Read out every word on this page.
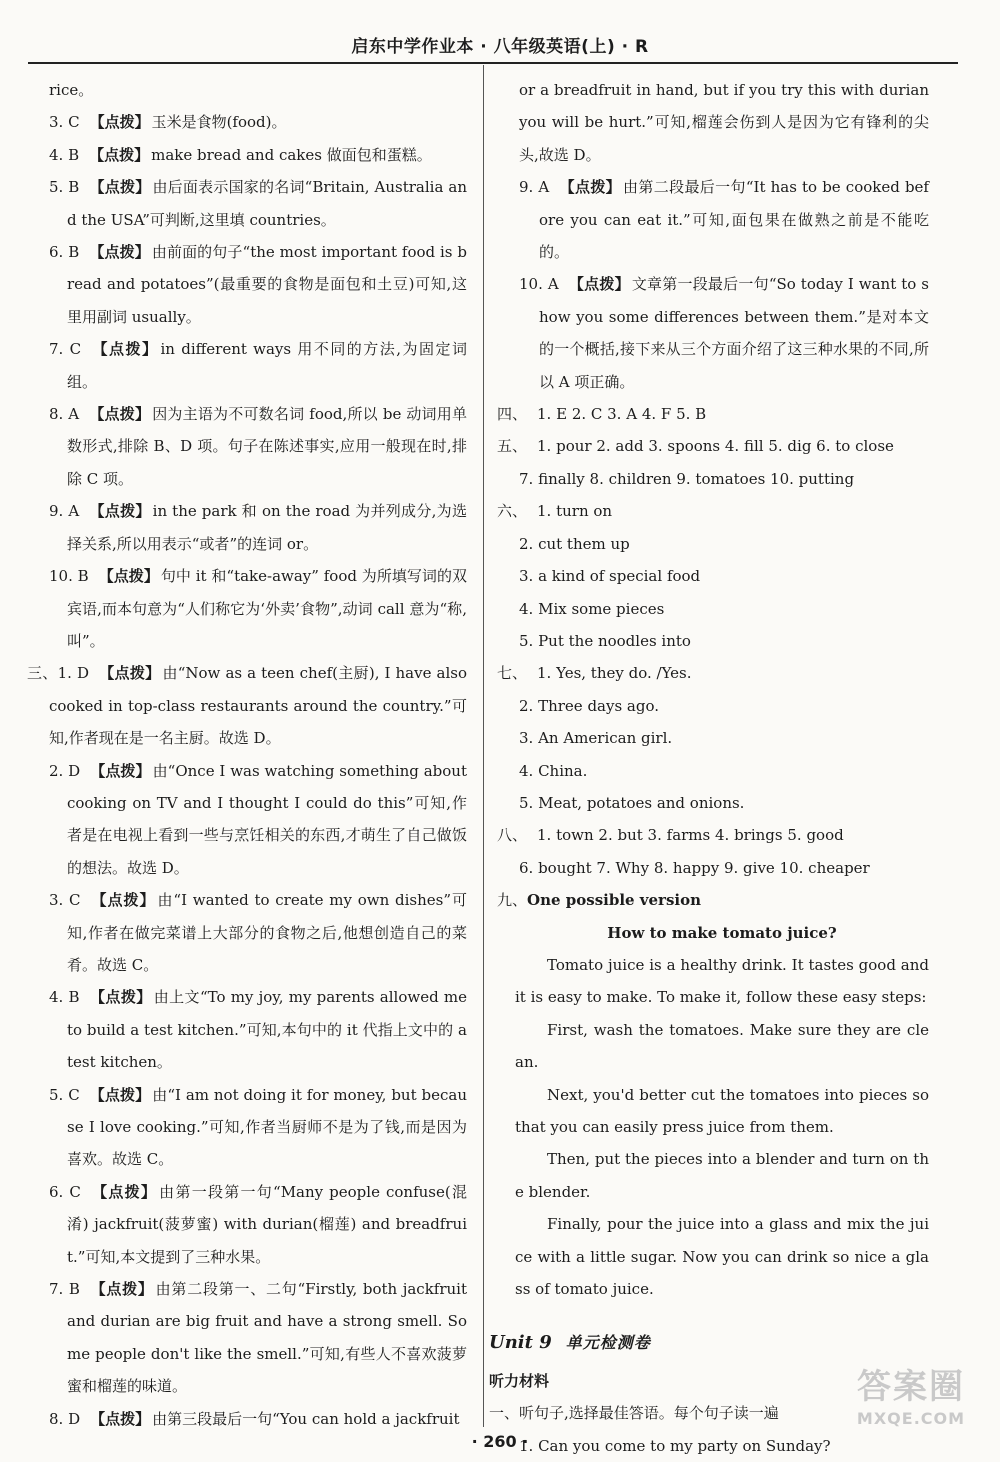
启东中学作业本 · 八年级英语(上) · R

rice。

3. C 【点拨】 玉米是食物(food)。

4. B 【点拨】 make bread and cakes 做面包和蛋糕。

5. B 【点拨】 由后面表示国家的名词“Britain, Australia and the USA”可判断,这里填 countries。

6. B 【点拨】 由前面的句子“the most important food is bread and potatoes”(最重要的食物是面包和土豆)可知,这里用副词 usually。

7. C 【点拨】 in different ways 用不同的方法,为固定词组。

8. A 【点拨】 因为主语为不可数名词 food,所以 be 动词用单数形式,排除 B、D 项。句子在陈述事实,应用一般现在时,排除 C 项。

9. A 【点拨】 in the park 和 on the road 为并列成分,为选择关系,所以用表示“或者”的连词 or。

10. B 【点拨】 句中 it 和“take-away” food 为所填写词的双宾语,而本句意为“人们称它为‘外卖’食物”,动词 call 意为“称,叫”。

三、1. D 【点拨】 由“Now as a teen chef(主厨), I have also cooked in top-class restaurants around the country.”可知,作者现在是一名主厨。故选 D。

2. D 【点拨】 由“Once I was watching something about cooking on TV and I thought I could do this”可知,作者是在电视上看到一些与烹饪相关的东西,才萌生了自己做饭的想法。故选 D。

3. C 【点拨】 由“I wanted to create my own dishes”可知,作者在做完菜谱上大部分的食物之后,他想创造自己的菜肴。故选 C。

4. B 【点拨】 由上文“To my joy, my parents allowed me to build a test kitchen.”可知,本句中的 it 代指上文中的 a test kitchen。

5. C 【点拨】 由“I am not doing it for money, but because I love cooking.”可知,作者当厨师不是为了钱,而是因为喜欢。故选 C。

6. C 【点拨】 由第一段第一句“Many people confuse(混淆) jackfruit(菠萝蜜) with durian(榴莲) and breadfruit.”可知,本文提到了三种水果。

7. B 【点拨】 由第二段第一、二句“Firstly, both jackfruit and durian are big fruit and have a strong smell. Some people don't like the smell.”可知,有些人不喜欢菠萝蜜和榴莲的味道。

8. D 【点拨】 由第三段最后一句“You can hold a jackfruit

or a breadfruit in hand, but if you try this with durian you will be hurt.”可知,榴莲会伤到人是因为它有锋利的尖头,故选 D。

9. A 【点拨】 由第二段最后一句“It has to be cooked before you can eat it.”可知,面包果在做熟之前是不能吃的。

10. A 【点拨】 文章第一段最后一句“So today I want to show you some differences between them.”是对本文的一个概括,接下来从三个方面介绍了这三种水果的不同,所以 A 项正确。

四、 1. E 2. C 3. A 4. F 5. B

五、 1. pour 2. add 3. spoons 4. fill 5. dig 6. to close

7. finally 8. children 9. tomatoes 10. putting

六、 1. turn on

2. cut them up

3. a kind of special food

4. Mix some pieces

5. Put the noodles into

七、 1. Yes, they do. /Yes.

2. Three days ago.

3. An American girl.

4. China.

5. Meat, potatoes and onions.

八、 1. town 2. but 3. farms 4. brings 5. good

6. bought 7. Why 8. happy 9. give 10. cheaper

九、One possible version

How to make tomato juice?

Tomato juice is a healthy drink. It tastes good and it is easy to make. To make it, follow these easy steps:

First, wash the tomatoes. Make sure they are clean.

Next, you'd better cut the tomatoes into pieces so that you can easily press juice from them.

Then, put the pieces into a blender and turn on the blender.

Finally, pour the juice into a glass and mix the juice with a little sugar. Now you can drink so nice a glass of tomato juice.

Unit 9 单元检测卷
听力材料

一、听句子,选择最佳答语。每个句子读一遍

1. Can you come to my party on Sunday?

· 260 ·
答案圈
MXQE.COM
